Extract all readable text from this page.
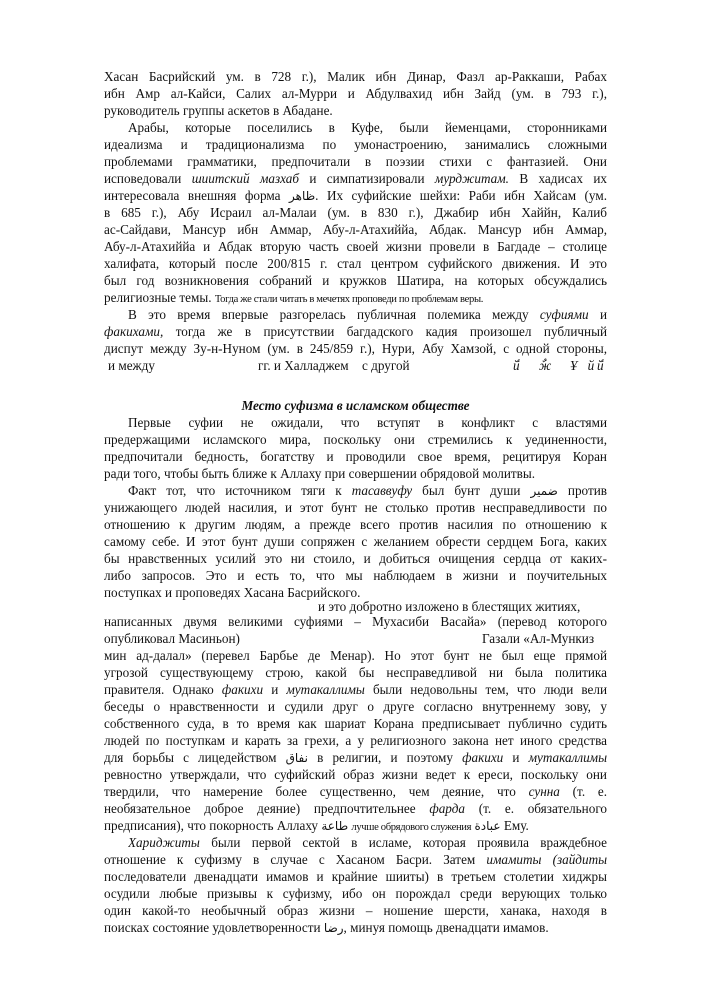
Хасан Басрийский ум. в 728 г.), Малик ибн Динар, Фазл ар-Раккаши, Рабах
ибн Амр ал-Кайси, Салих ал-Мурри и Абдулвахид ибн Зайд (ум. в 793 г.),
руководитель группы аскетов в Абадане.
Арабы, которые поселились в Куфе, были йеменцами, сторонниками
идеализма и традиционализма по умонастроению, занимались сложными
проблемами грамматики, предпочитали в поэзии стихи с фантазией. Они
исповедовали шиитский мазхаб и симпатизировали мурджитам. В хадисах их
интересовала внешняя форма ظاهر. Их суфийские шейхи: Раби ибн Хайсам (ум.
в 685 г.), Абу Исраил ал-Малаи (ум. в 830 г.), Джабир ибн Хаййн, Калиб
ас-Сайдави, Мансур ибн Аммар, Абу-л-Атахиййа, Абдак. Мансур ибн Аммар,
Абу-л-Атахиййа и Абдак вторую часть своей жизни провели в Багдаде – столице
халифата, который после 200/815 г. стал центром суфийского движения. И это
был год возникновения собраний и кружков Шатира, на которых обсуждались
религиозные темы. Тогда же стали читать в мечетях проповеди по проблемам веры.
В это время впервые разгорелась публичная полемика между суфиями и
факихами, тогда же в присутствии багдадского кадия произошел публичный
диспут между Зу-н-Нуном (ум. в 245/859 г.), Нури, Абу Хамзой, с одной стороны,
и между	гг. и Халладжем с другой	ٔй ٌж Ұٔй ٔй
Место суфизма в исламском обществе
Первые суфии не ожидали, что вступят в конфликт с властями
предержащими исламского мира, поскольку они стремились к уединенности,
предпочитали бедность, богатству и проводили свое время, рецитируя Коран
ради того, чтобы быть ближе к Аллаху при совершении обрядовой молитвы.
Факт тот, что источником тяги к тасаввуфу был бунт души ضمير против
унижающего людей насилия, и этот бунт не столько против несправедливости по
отношению к другим людям, а прежде всего против насилия по отношению к
самому себе. И этот бунт души сопряжен с желанием обрести сердцем Бога, каких
бы нравственных усилий это ни стоило, и добиться очищения сердца от каких-
либо запросов. Это и есть то, что мы наблюдаем в жизни и поучительных
поступках и проповедях Хасана Басрийского.
и это добротно изложено в блестящих житиях,
написанных двумя великими суфиями – Мухасиби Васайа» (перевод которого
опубликовал Масиньон)	Газали «Ал-Мункиз
мин ад-далал» (перевел Барбье де Менар). Но этот бунт не был еще прямой
угрозой существующему строю, какой бы несправедливой ни была политика
правителя. Однако факихи и мутакаллимы были недовольны тем, что люди вели
беседы о нравственности и судили друг о друге согласно внутреннему зову, у
собственного суда, в то время как шариат Корана предписывает публично судить
людей по поступкам и карать за грехи, а у религиозного закона нет иного средства
для борьбы с лицедейством نفاق в религии, и поэтому факихи и мутакаллимы
ревностно утверждали, что суфийский образ жизни ведет к ереси, поскольку они
твердили, что намерение более существенно, чем деяние, что сунна (т. е.
необязательное доброе деяние) предпочтительнее фарда (т. е. обязательного
предписания), что покорность Аллаху طاعة лучше обрядового служения عبادة Ему.
Хариджиты были первой сектой в исламе, которая проявила враждебное
отношение к суфизму в случае с Хасаном Басри. Затем имамиты (зайдиты
последователи двенадцати имамов и крайние шииты) в третьем столетии хиджры
осудили любые призывы к суфизму, ибо он порождал среди верующих только
один какой-то необычный образ жизни – ношение шерсти, ханака, находя в
поисках состояние удовлетворенности رضا, минуя помощь двенадцати имамов.
